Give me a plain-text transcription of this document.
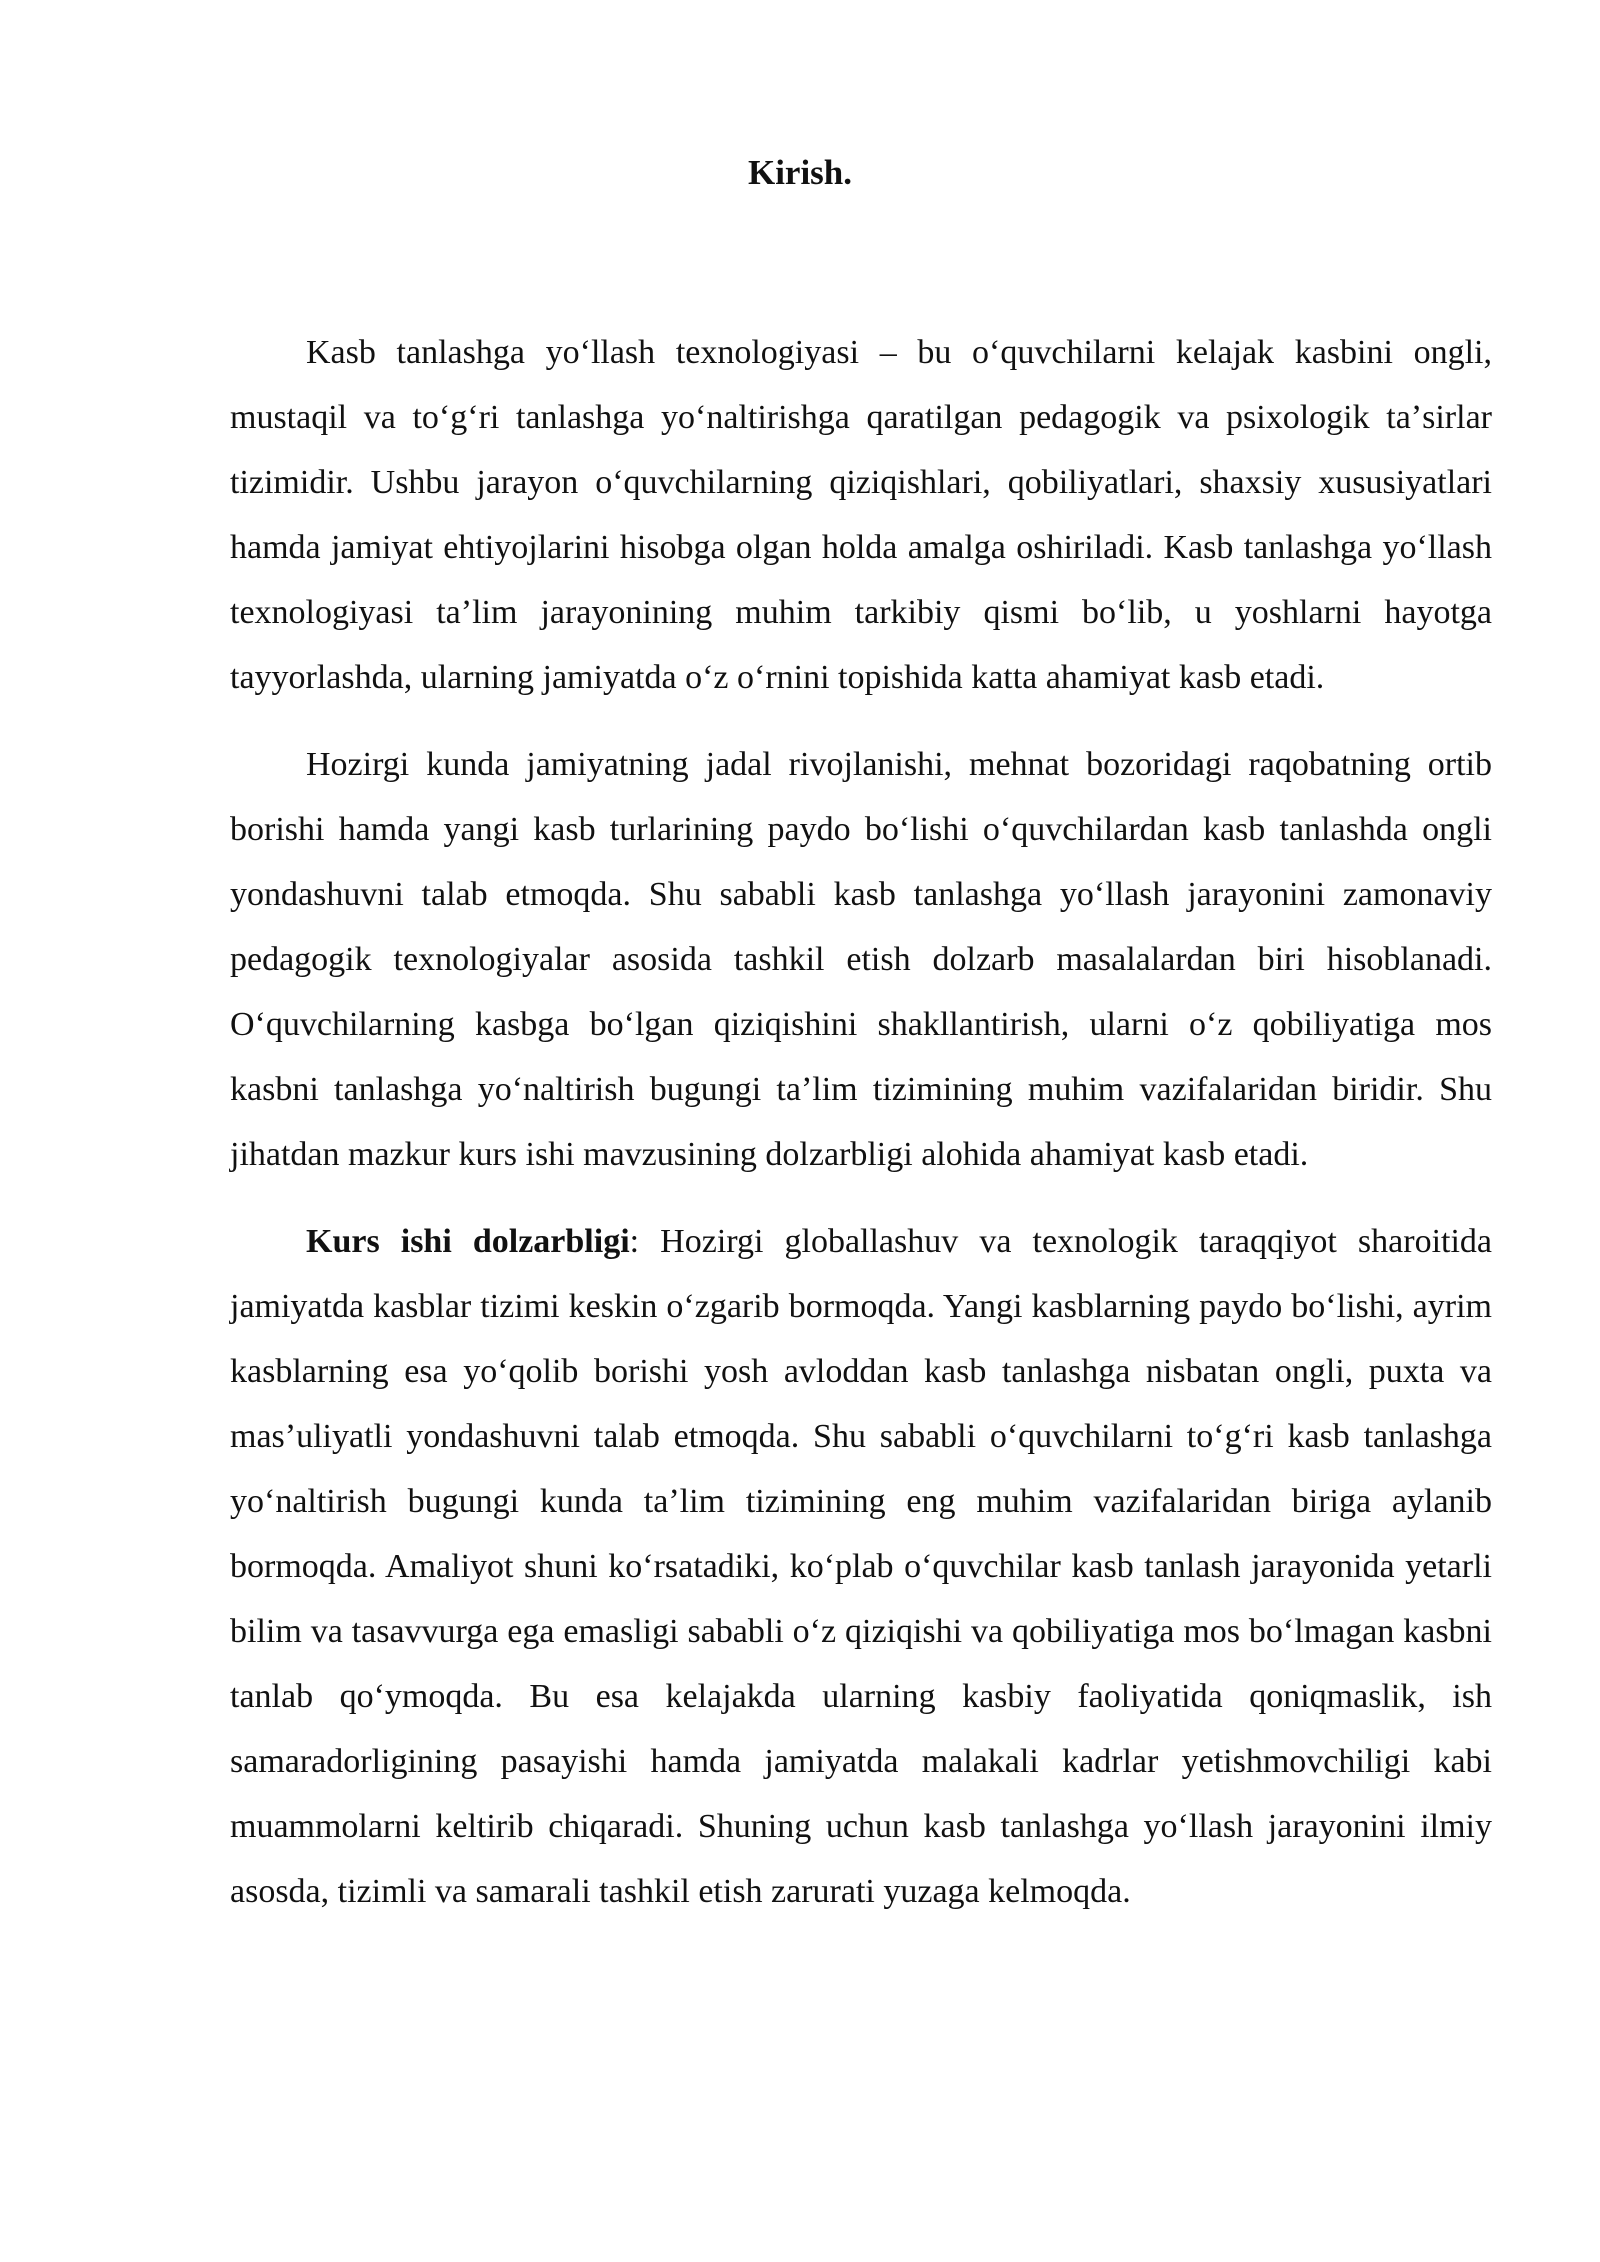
Kirish.

Kasb tanlashga yoʻllash texnologiyasi – bu oʻquvchilarni kelajak kasbini ongli, mustaqil va toʻgʻri tanlashga yoʻnaltirishga qaratilgan pedagogik va psixologik taʼsirlar tizimidir. Ushbu jarayon oʻquvchilarning qiziqishlari, qobiliyatlari, shaxsiy xususiyatlari hamda jamiyat ehtiyojlarini hisobga olgan holda amalga oshiriladi. Kasb tanlashga yoʻllash texnologiyasi taʼlim jarayonining muhim tarkibiy qismi boʻlib, u yoshlarni hayotga tayyorlashda, ularning jamiyatda oʻz oʻrnini topishida katta ahamiyat kasb etadi.

Hozirgi kunda jamiyatning jadal rivojlanishi, mehnat bozoridagi raqobatning ortib borishi hamda yangi kasb turlarining paydo boʻlishi oʻquvchilardan kasb tanlashda ongli yondashuvni talab etmoqda. Shu sababli kasb tanlashga yoʻllash jarayonini zamonaviy pedagogik texnologiyalar asosida tashkil etish dolzarb masalalardan biri hisoblanadi. Oʻquvchilarning kasbga boʻlgan qiziqishini shakllantirish, ularni oʻz qobiliyatiga mos kasbni tanlashga yoʻnaltirish bugungi taʼlim tizimining muhim vazifalaridan biridir. Shu jihatdan mazkur kurs ishi mavzusining dolzarbligi alohida ahamiyat kasb etadi.

Kurs ishi dolzarbligi: Hozirgi globallashuv va texnologik taraqqiyot sharoitida jamiyatda kasblar tizimi keskin oʻzgarib bormoqda. Yangi kasblarning paydo boʻlishi, ayrim kasblarning esa yoʻqolib borishi yosh avloddan kasb tanlashga nisbatan ongli, puxta va masʼuliyatli yondashuvni talab etmoqda. Shu sababli oʻquvchilarni toʻgʻri kasb tanlashga yoʻnaltirish bugungi kunda taʼlim tizimining eng muhim vazifalaridan biriga aylanib bormoqda. Amaliyot shuni koʻrsatadiki, koʻplab oʻquvchilar kasb tanlash jarayonida yetarli bilim va tasavvurga ega emasligi sababli oʻz qiziqishi va qobiliyatiga mos boʻlmagan kasbni tanlab qoʻymoqda. Bu esa kelajakda ularning kasbiy faoliyatida qoniqmaslik, ish samaradorligining pasayishi hamda jamiyatda malakali kadrlar yetishmovchiligi kabi muammolarni keltirib chiqaradi. Shuning uchun kasb tanlashga yoʻllash jarayonini ilmiy asosda, tizimli va samarali tashkil etish zarurati yuzaga kelmoqda.
